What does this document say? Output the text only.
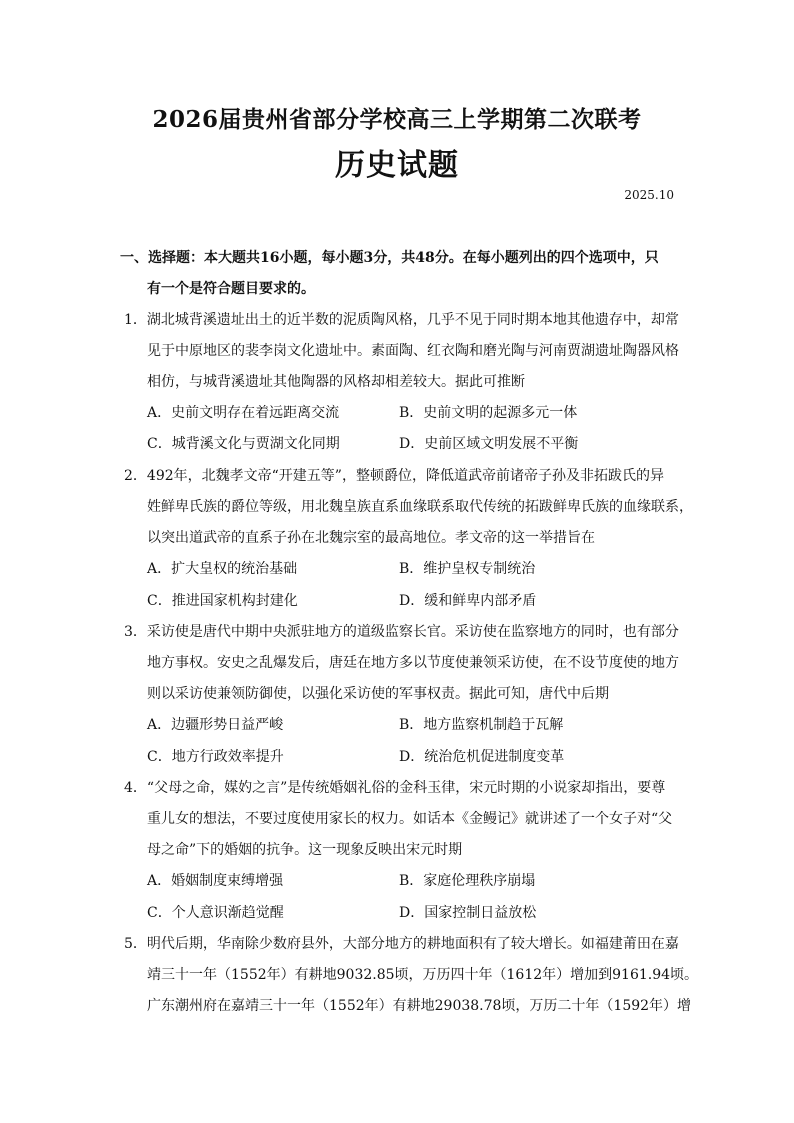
2026届贵州省部分学校高三上学期第二次联考
历史试题
2025.10
一、选择题：本大题共16小题，每小题3分，共48分。在每小题列出的四个选项中，只
有一个是符合题目要求的。
1．湖北城背溪遗址出土的近半数的泥质陶风格，几乎不见于同时期本地其他遗存中，却常
见于中原地区的裴李岗文化遗址中。素面陶、红衣陶和磨光陶与河南贾湖遗址陶器风格
相仿，与城背溪遗址其他陶器的风格却相差较大。据此可推断
A．史前文明存在着远距离交流	B．史前文明的起源多元一体
C．城背溪文化与贾湖文化同期	D．史前区域文明发展不平衡
2．492年，北魏孝文帝“开建五等”，整顿爵位，降低道武帝前诸帝子孙及非拓跋氏的异
姓鲜卑氏族的爵位等级，用北魏皇族直系血缘联系取代传统的拓跋鲜卑氏族的血缘联系，
以突出道武帝的直系子孙在北魏宗室的最高地位。孝文帝的这一举措旨在
A．扩大皇权的统治基础	B．维护皇权专制统治
C．推进国家机构封建化	D．缓和鲜卑内部矛盾
3．采访使是唐代中期中央派驻地方的道级监察长官。采访使在监察地方的同时，也有部分
地方事权。安史之乱爆发后，唐廷在地方多以节度使兼领采访使，在不设节度使的地方
则以采访使兼领防御使，以强化采访使的军事权责。据此可知，唐代中后期
A．边疆形势日益严峻	B．地方监察机制趋于瓦解
C．地方行政效率提升	D．统治危机促进制度变革
4．“父母之命，媒妁之言”是传统婚姻礼俗的金科玉律，宋元时期的小说家却指出，要尊
重儿女的想法，不要过度使用家长的权力。如话本《金鳗记》就讲述了一个女子对“父
母之命”下的婚姻的抗争。这一现象反映出宋元时期
A．婚姻制度束缚增强	B．家庭伦理秩序崩塌
C．个人意识渐趋觉醒	D．国家控制日益放松
5．明代后期，华南除少数府县外，大部分地方的耕地面积有了较大增长。如福建莆田在嘉
靖三十一年（1552年）有耕地9032.85顷，万历四十年（1612年）增加到9161.94顷。
广东潮州府在嘉靖三十一年（1552年）有耕地29038.78顷，万历二十年（1592年）增
